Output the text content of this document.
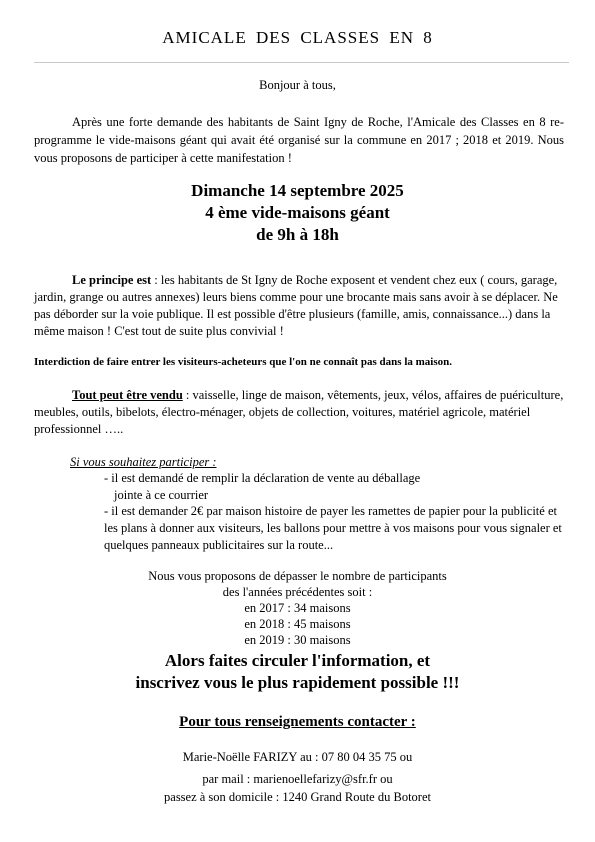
AMICALE DES CLASSES EN 8
Bonjour à tous,
Après une forte demande des habitants de Saint Igny de Roche, l'Amicale des Classes en 8 re-programme le vide-maisons géant qui avait été organisé sur la commune en 2017 ; 2018 et 2019. Nous vous proposons de participer à cette manifestation !
Dimanche 14 septembre 2025
4 ème vide-maisons géant
de 9h à 18h
Le principe est : les habitants de St Igny de Roche exposent et vendent chez eux ( cours, garage, jardin, grange ou autres annexes) leurs biens comme pour une brocante mais sans avoir à se déplacer. Ne pas déborder sur la voie publique. Il est possible d'être plusieurs (famille, amis, connaissance...) dans la même maison ! C'est tout de suite plus convivial !
Interdiction de faire entrer les visiteurs-acheteurs que l'on ne connaît pas dans la maison.
Tout peut être vendu : vaisselle, linge de maison, vêtements, jeux, vélos, affaires de puériculture, meubles, outils, bibelots, électro-ménager, objets de collection, voitures, matériel agricole, matériel professionnel …..
Si vous souhaitez participer :
- il est demandé de remplir la déclaration de vente au déballage
jointe à ce courrier
- il est demander 2€ par maison histoire de payer les ramettes de papier pour la publicité et les plans à donner aux visiteurs, les ballons pour mettre à vos maisons pour vous signaler et quelques panneaux publicitaires sur la route...
Nous vous proposons de dépasser le nombre de participants
des l'années précédentes soit :
en 2017 : 34 maisons
en 2018 : 45 maisons
en 2019 : 30 maisons
Alors faites circuler l'information, et
inscrivez vous le plus rapidement possible !!!
Pour tous renseignements contacter :
Marie-Noëlle FARIZY au : 07 80 04 35 75 ou
par mail : marienoellefarizy@sfr.fr ou
passez à son domicile : 1240 Grand Route du Botoret
